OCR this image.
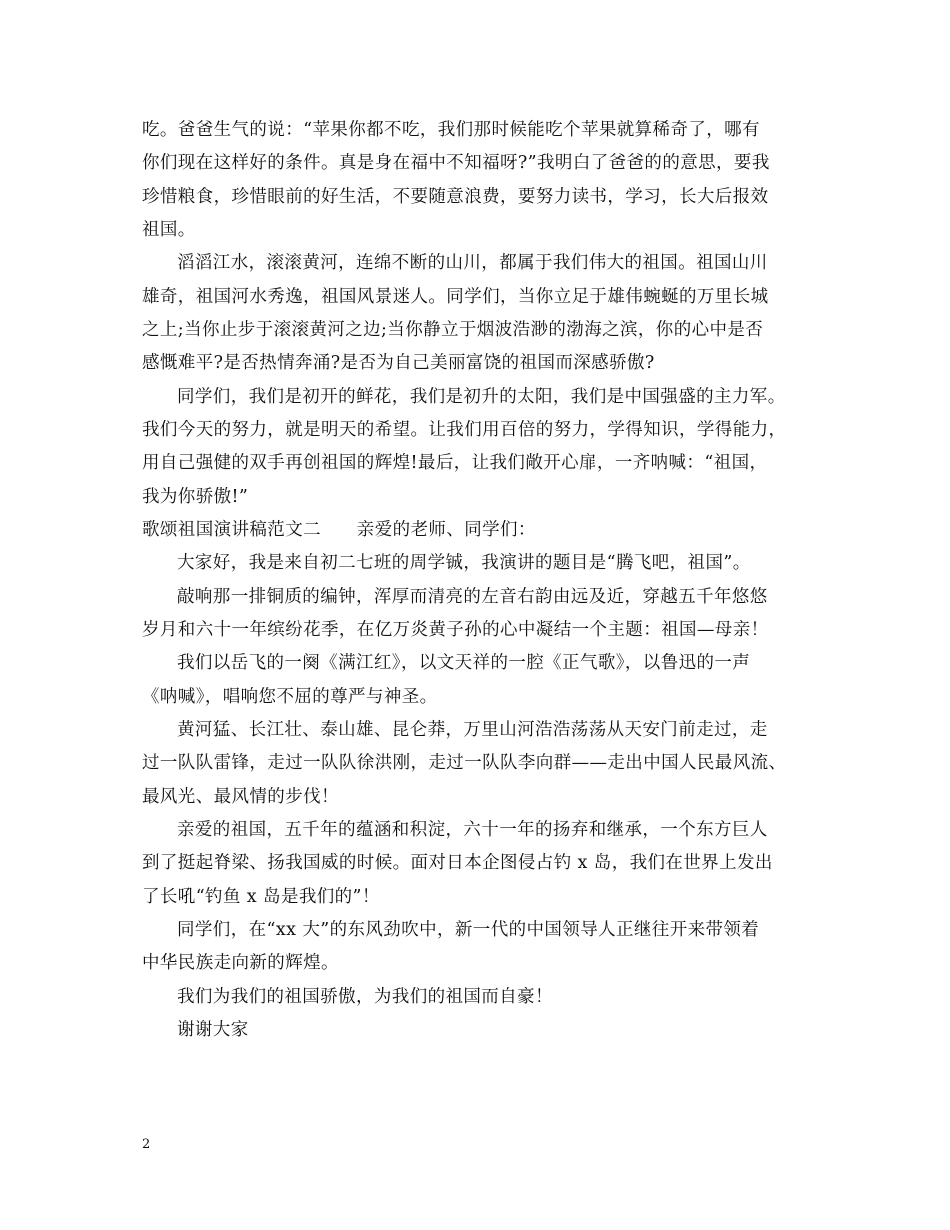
吃。爸爸生气的说：“苹果你都不吃，我们那时候能吃个苹果就算稀奇了，哪有
你们现在这样好的条件。真是身在福中不知福呀?”我明白了爸爸的的意思，要我
珍惜粮食，珍惜眼前的好生活，不要随意浪费，要努力读书，学习，长大后报效
祖国。
滔滔江水，滚滚黄河，连绵不断的山川，都属于我们伟大的祖国。祖国山川
雄奇，祖国河水秀逸，祖国风景迷人。同学们，当你立足于雄伟蜿蜒的万里长城
之上;当你止步于滚滚黄河之边;当你静立于烟波浩渺的渤海之滨，你的心中是否
感慨难平?是否热情奔涌?是否为自己美丽富饶的祖国而深感骄傲?
同学们，我们是初开的鲜花，我们是初升的太阳，我们是中国强盛的主力军。
我们今天的努力，就是明天的希望。让我们用百倍的努力，学得知识，学得能力，
用自己强健的双手再创祖国的辉煌!最后，让我们敞开心扉，一齐呐喊：“祖国，
我为你骄傲!”
歌颂祖国演讲稿范文二　　亲爱的老师、同学们：
大家好，我是来自初二七班的周学铖，我演讲的题目是“腾飞吧，祖国”。
敲响那一排铜质的编钟，浑厚而清亮的左音右韵由远及近，穿越五千年悠悠
岁月和六十一年缤纷花季，在亿万炎黄子孙的心中凝结一个主题：祖国—母亲！
我们以岳飞的一阕《满江红》，以文天祥的一腔《正气歌》，以鲁迅的一声
《呐喊》，唱响您不屈的尊严与神圣。
黄河猛、长江壮、泰山雄、昆仑莽，万里山河浩浩荡荡从天安门前走过，走
过一队队雷锋，走过一队队徐洪刚，走过一队队李向群——走出中国人民最风流、
最风光、最风情的步伐！
亲爱的祖国，五千年的蕴涵和积淀，六十一年的扬弃和继承，一个东方巨人
到了挺起脊梁、扬我国威的时候。面对日本企图侵占钓 x 岛，我们在世界上发出
了长吼“钓鱼 x 岛是我们的”！
同学们，在“xx 大”的东风劲吹中，新一代的中国领导人正继往开来带领着
中华民族走向新的辉煌。
我们为我们的祖国骄傲，为我们的祖国而自豪！
谢谢大家
2
